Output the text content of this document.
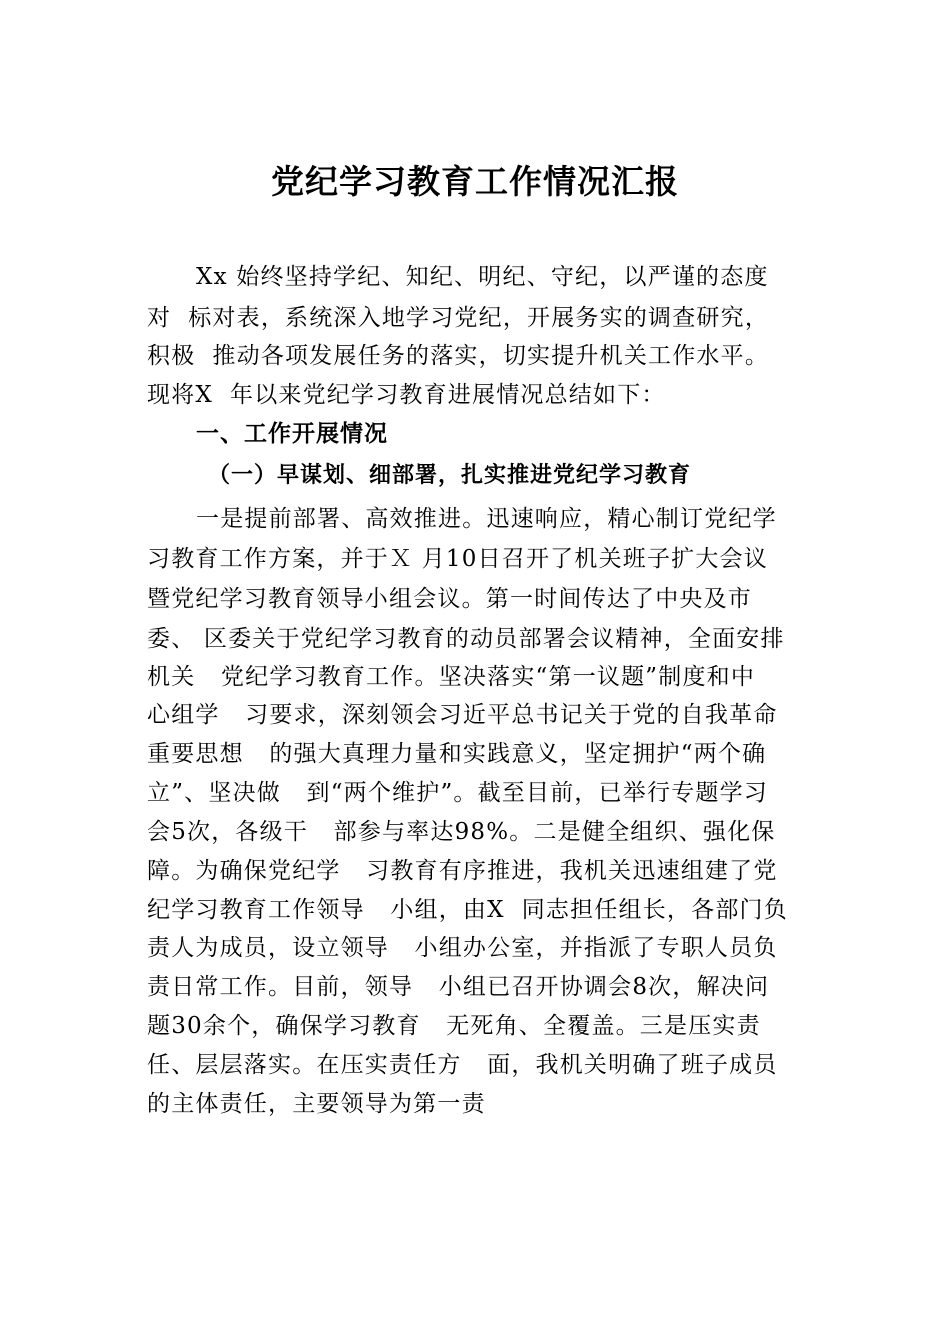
党纪学习教育工作情况汇报
Xx 始终坚持学纪、知纪、明纪、守纪，以严谨的态度
对  标对表，系统深入地学习党纪，开展务实的调查研究，
积极  推动各项发展任务的落实，切实提升机关工作水平。
现将X  年以来党纪学习教育进展情况总结如下：
一、工作开展情况
（一）早谋划、细部署，扎实推进党纪学习教育
一是提前部署、高效推进。迅速响应，精心制订党纪学
习教育工作方案，并于Ｘ 月10日召开了机关班子扩大会议
暨党纪学习教育领导小组会议。第一时间传达了中央及市
委、 区委关于党纪学习教育的动员部署会议精神，全面安排
机关   党纪学习教育工作。坚决落实“第一议题”制度和中
心组学   习要求，深刻领会习近平总书记关于党的自我革命
重要思想   的强大真理力量和实践意义，坚定拥护“两个确
立”、坚决做   到“两个维护”。截至目前，已举行专题学习
会5次，各级干   部参与率达98%。二是健全组织、强化保
障。为确保党纪学   习教育有序推进，我机关迅速组建了党
纪学习教育工作领导   小组，由X  同志担任组长，各部门负
责人为成员，设立领导   小组办公室，并指派了专职人员负
责日常工作。目前，领导   小组已召开协调会8次，解决问
题30余个，确保学习教育   无死角、全覆盖。三是压实责
任、层层落实。在压实责任方   面，我机关明确了班子成员
的主体责任，主要领导为第一责
